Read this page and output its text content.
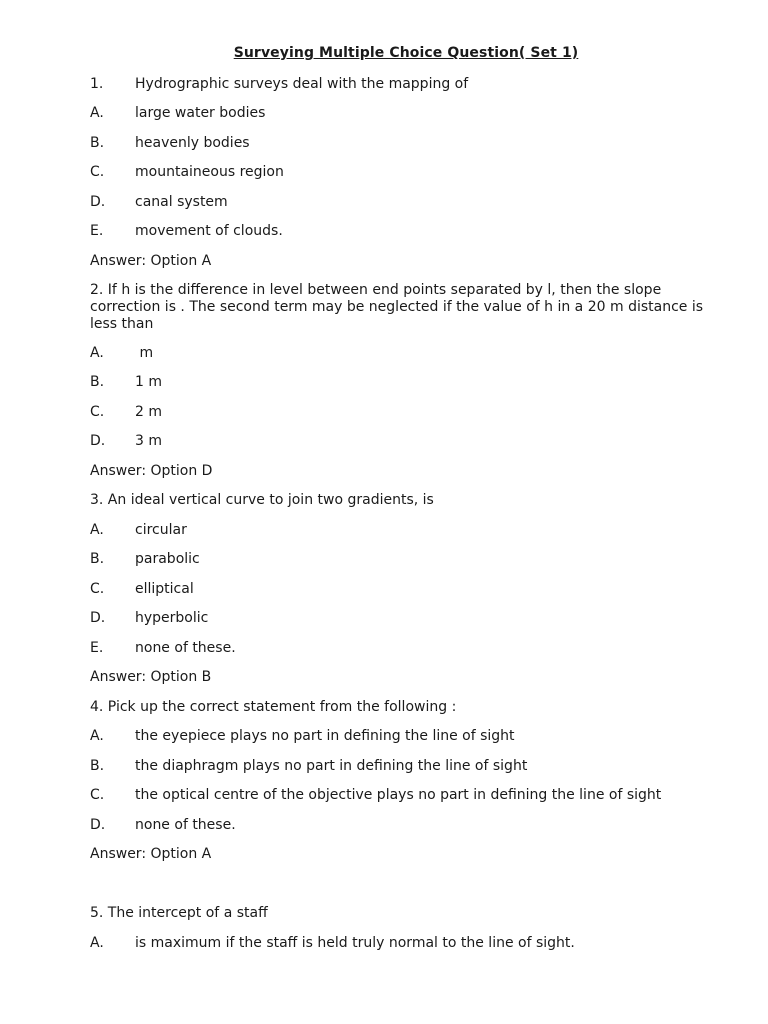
Surveying Multiple Choice Question( Set 1)
1. Hydrographic surveys deal with the mapping of
A. large water bodies
B. heavenly bodies
C. mountaineous region
D. canal system
E. movement of clouds.
Answer: Option A
2. If h is the difference in level between end points separated by l, then the slope correction is . The second term may be neglected if the value of h in a 20 m distance is less than
A. m
B. 1 m
C. 2 m
D. 3 m
Answer: Option D
3. An ideal vertical curve to join two gradients, is
A. circular
B. parabolic
C. elliptical
D. hyperbolic
E. none of these.
Answer: Option B
4. Pick up the correct statement from the following :
A. the eyepiece plays no part in defining the line of sight
B. the diaphragm plays no part in defining the line of sight
C. the optical centre of the objective plays no part in defining the line of sight
D. none of these.
Answer: Option A
5. The intercept of a staff
A. is maximum if the staff is held truly normal to the line of sight.
